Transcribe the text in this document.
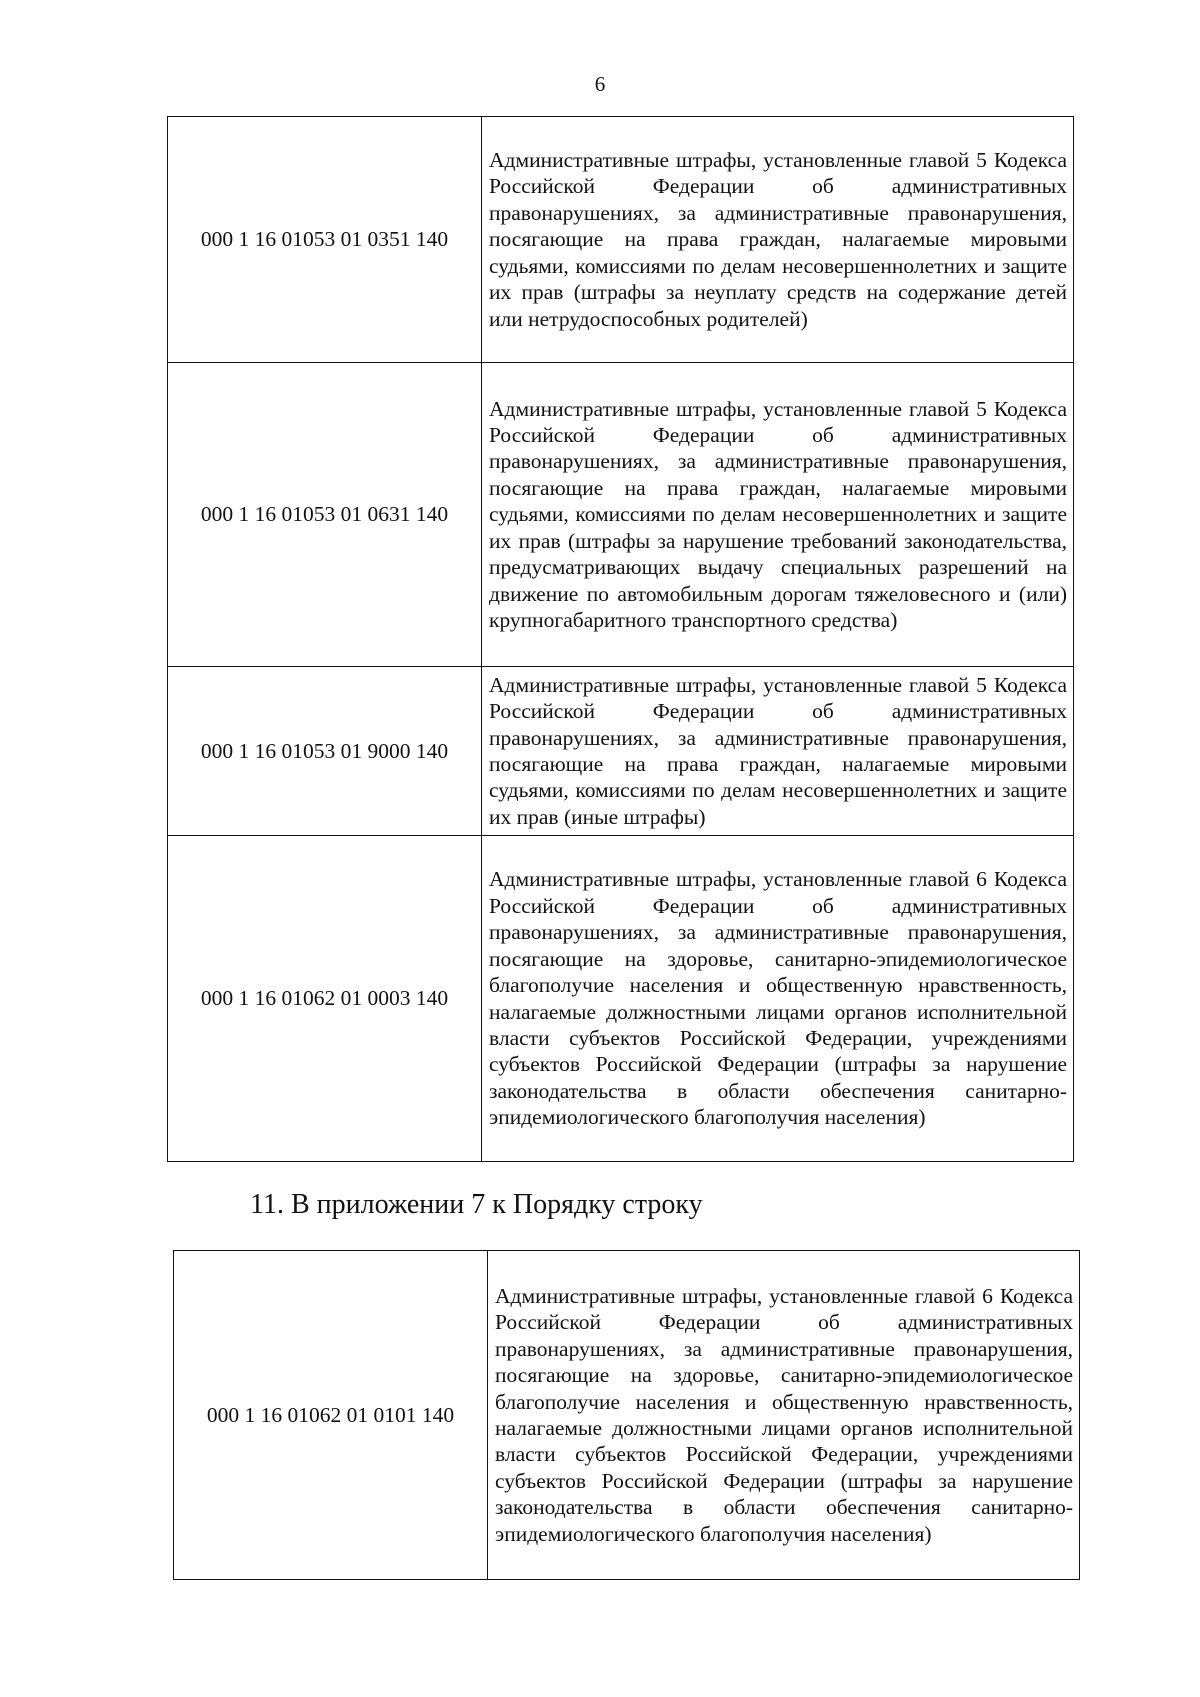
6
000 1 16 01053 01 0351 140	Административные штрафы, установленные главой 5 Кодекса Российской Федерации об административных правонарушениях, за административные правонарушения, посягающие на права граждан, налагаемые мировыми судьями, комиссиями по делам несовершеннолетних и защите их прав (штрафы за неуплату средств на содержание детей или нетрудоспособных родителей)
000 1 16 01053 01 0631 140	Административные штрафы, установленные главой 5 Кодекса Российской Федерации об административных правонарушениях, за административные правонарушения, посягающие на права граждан, налагаемые мировыми судьями, комиссиями по делам несовершеннолетних и защите их прав (штрафы за нарушение требований законодательства, предусматривающих выдачу специальных разрешений на движение по автомобильным дорогам тяжеловесного и (или) крупногабаритного транспортного средства)
000 1 16 01053 01 9000 140	Административные штрафы, установленные главой 5 Кодекса Российской Федерации об административных правонарушениях, за административные правонарушения, посягающие на права граждан, налагаемые мировыми судьями, комиссиями по делам несовершеннолетних и защите их прав (иные штрафы)
000 1 16 01062 01 0003 140	Административные штрафы, установленные главой 6 Кодекса Российской Федерации об административных правонарушениях, за административные правонарушения, посягающие на здоровье, санитарно-эпидемиологическое благополучие населения и общественную нравственность, налагаемые должностными лицами органов исполнительной власти субъектов Российской Федерации, учреждениями субъектов Российской Федерации (штрафы за нарушение законодательства в области обеспечения санитарно-эпидемиологического благополучия населения)
11. В приложении 7 к Порядку строку
000 1 16 01062 01 0101 140	Административные штрафы, установленные главой 6 Кодекса Российской Федерации об административных правонарушениях, за административные правонарушения, посягающие на здоровье, санитарно-эпидемиологическое благополучие населения и общественную нравственность, налагаемые должностными лицами органов исполнительной власти субъектов Российской Федерации, учреждениями субъектов Российской Федерации (штрафы за нарушение законодательства в области обеспечения санитарно-эпидемиологического благополучия населения)
